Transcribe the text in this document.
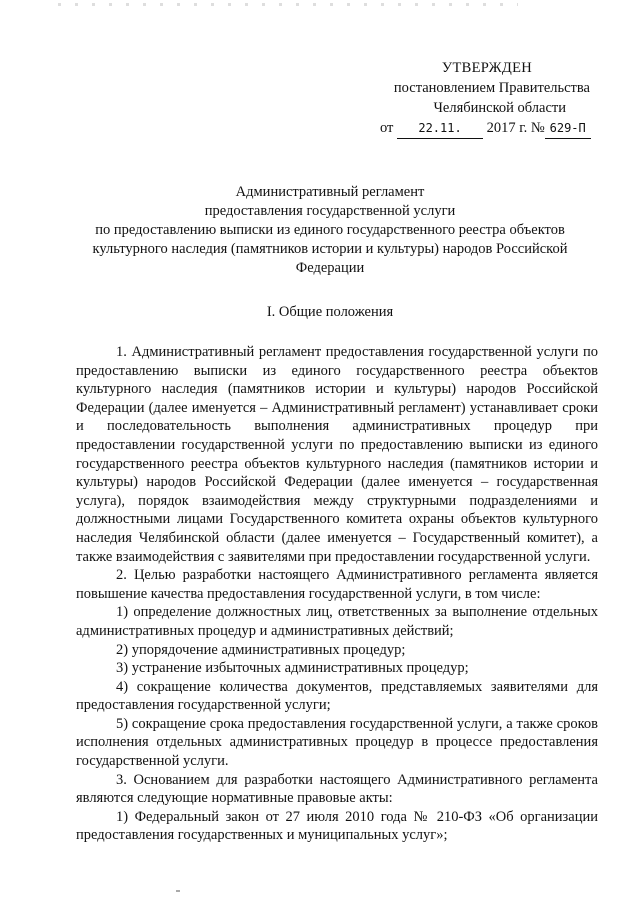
УТВЕРЖДЕН
постановлением Правительства
Челябинской области
от 22.11. 2017 г. № 629-П
Административный регламент
предоставления государственной услуги
по предоставлению выписки из единого государственного реестра объектов
культурного наследия (памятников истории и культуры) народов Российской
Федерации
I. Общие положения

1. Административный регламент предоставления государственной услуги по предоставлению выписки из единого государственного реестра объектов культурного наследия (памятников истории и культуры) народов Российской Федерации (далее именуется – Административный регламент) устанавливает сроки и последовательность выполнения административных процедур при предоставлении государственной услуги по предоставлению выписки из единого государственного реестра объектов культурного наследия (памятников истории и культуры) народов Российской Федерации (далее именуется – государственная услуга), порядок взаимодействия между структурными подразделениями и должностными лицами Государственного комитета охраны объектов культурного наследия Челябинской области (далее именуется – Государственный комитет), а также взаимодействия с заявителями при предоставлении государственной услуги.

2. Целью разработки настоящего Административного регламента является повышение качества предоставления государственной услуги, в том числе:

1) определение должностных лиц, ответственных за выполнение отдельных административных процедур и административных действий;

2) упорядочение административных процедур;

3) устранение избыточных административных процедур;

4) сокращение количества документов, представляемых заявителями для предоставления государственной услуги;

5) сокращение срока предоставления государственной услуги, а также сроков исполнения отдельных административных процедур в процессе предоставления государственной услуги.

3. Основанием для разработки настоящего Административного регламента являются следующие нормативные правовые акты:

1) Федеральный закон от 27 июля 2010 года № 210-ФЗ «Об организации предоставления государственных и муниципальных услуг»;
